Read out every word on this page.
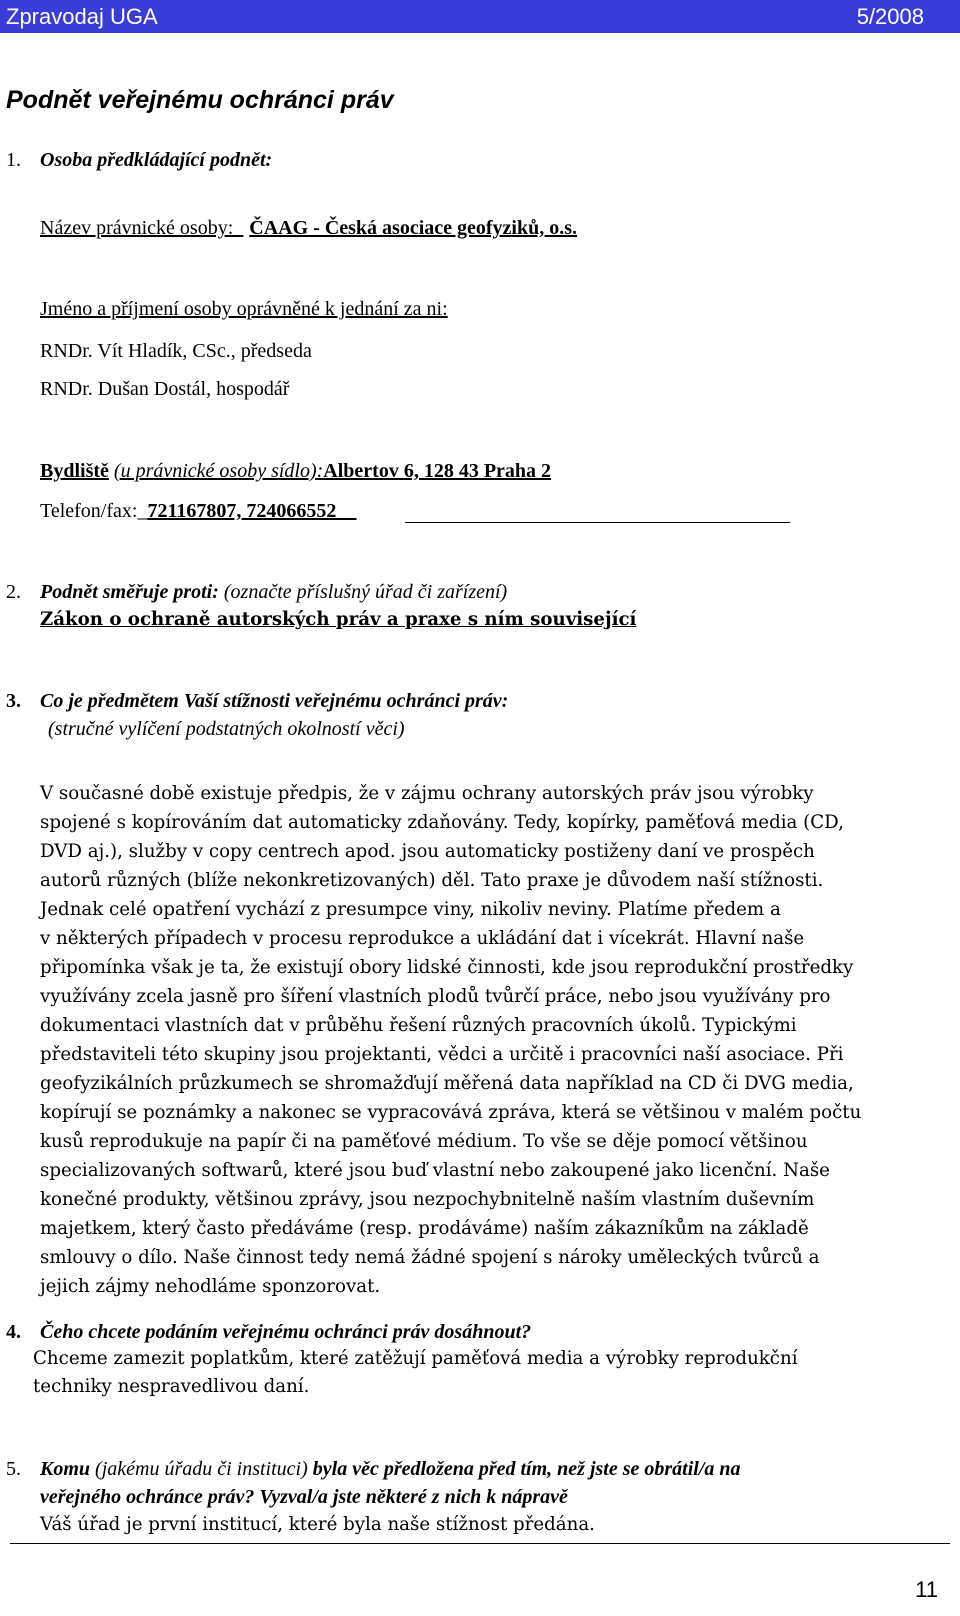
Zpravodaj UGA	5/2008
Podnět veřejnému ochránci práv
1. Osoba předkládající podnět:
Název právnické osoby:_ ČAAG - Česká asociace geofyziků, o.s.
Jméno a příjmení osoby oprávněné k jednání za ni:
RNDr. Vít Hladík, CSc., předseda
RNDr. Dušan Dostál, hospodář
Bydliště (u právnické osoby sídlo):Albertov 6, 128 43 Praha 2
Telefon/fax:_721167807, 724066552__
2. Podnět směřuje proti: (označte příslušný úřad či zařízení)
Zákon o ochraně autorských práv a praxe s ním související
3. Co je předmětem Vaší stížnosti veřejnému ochránci práv:
(stručné vylíčení podstatných okolností věci)
V současné době existuje předpis, že v zájmu ochrany autorských práv jsou výrobky
spojené s kopírováním dat automaticky zdaňovány. Tedy, kopírky, paměťová media (CD,
DVD aj.), služby v copy centrech apod. jsou automaticky postiženy daní ve prospěch
autorů různých (blíže nekonkretizovaných) děl. Tato praxe je důvodem naší stížnosti.
Jednak celé opatření vychází z presumpce viny, nikoliv neviny. Platíme předem a
v některých případech v procesu reprodukce a ukládání dat i vícekrát. Hlavní naše
připomínka však je ta, že existují obory lidské činnosti, kde jsou reprodukční prostředky
využívány zcela jasně pro šíření vlastních plodů tvůrčí práce, nebo jsou využívány pro
dokumentaci vlastních dat v průběhu řešení různých pracovních úkolů. Typickými
představiteli této skupiny jsou projektanti, vědci a určitě i pracovníci naší asociace. Při
geofyzikálních průzkumech se shromažďují měřená data například na CD či DVG media,
kopírují se poznámky a nakonec se vypracovává zpráva, která se většinou v malém počtu
kusů reprodukuje na papír či na paměťové médium. To vše se děje pomocí většinou
specializovaných softwarů, které jsou buď vlastní nebo zakoupené jako licenční. Naše
konečné produkty, většinou zprávy, jsou nezpochybnitelně naším vlastním duševním
majetkem, který často předáváme (resp. prodáváme) naším zákazníkům na základě
smlouvy o dílo. Naše činnost tedy nemá žádné spojení s nároky uměleckých tvůrců a
jejich zájmy nehodláme sponzorovat.
4. Čeho chcete podáním veřejnému ochránci práv dosáhnout?
Chceme zamezit poplatkům, které zatěžují paměťová media a výrobky reprodukční
techniky nespravedlivou daní.
5. Komu (jakému úřadu či instituci) byla věc předložena před tím, než jste se obrátil/a na
veřejného ochránce práv? Vyzval/a jste některé z nich k nápravě
Váš úřad je první institucí, které byla naše stížnost předána.
11
